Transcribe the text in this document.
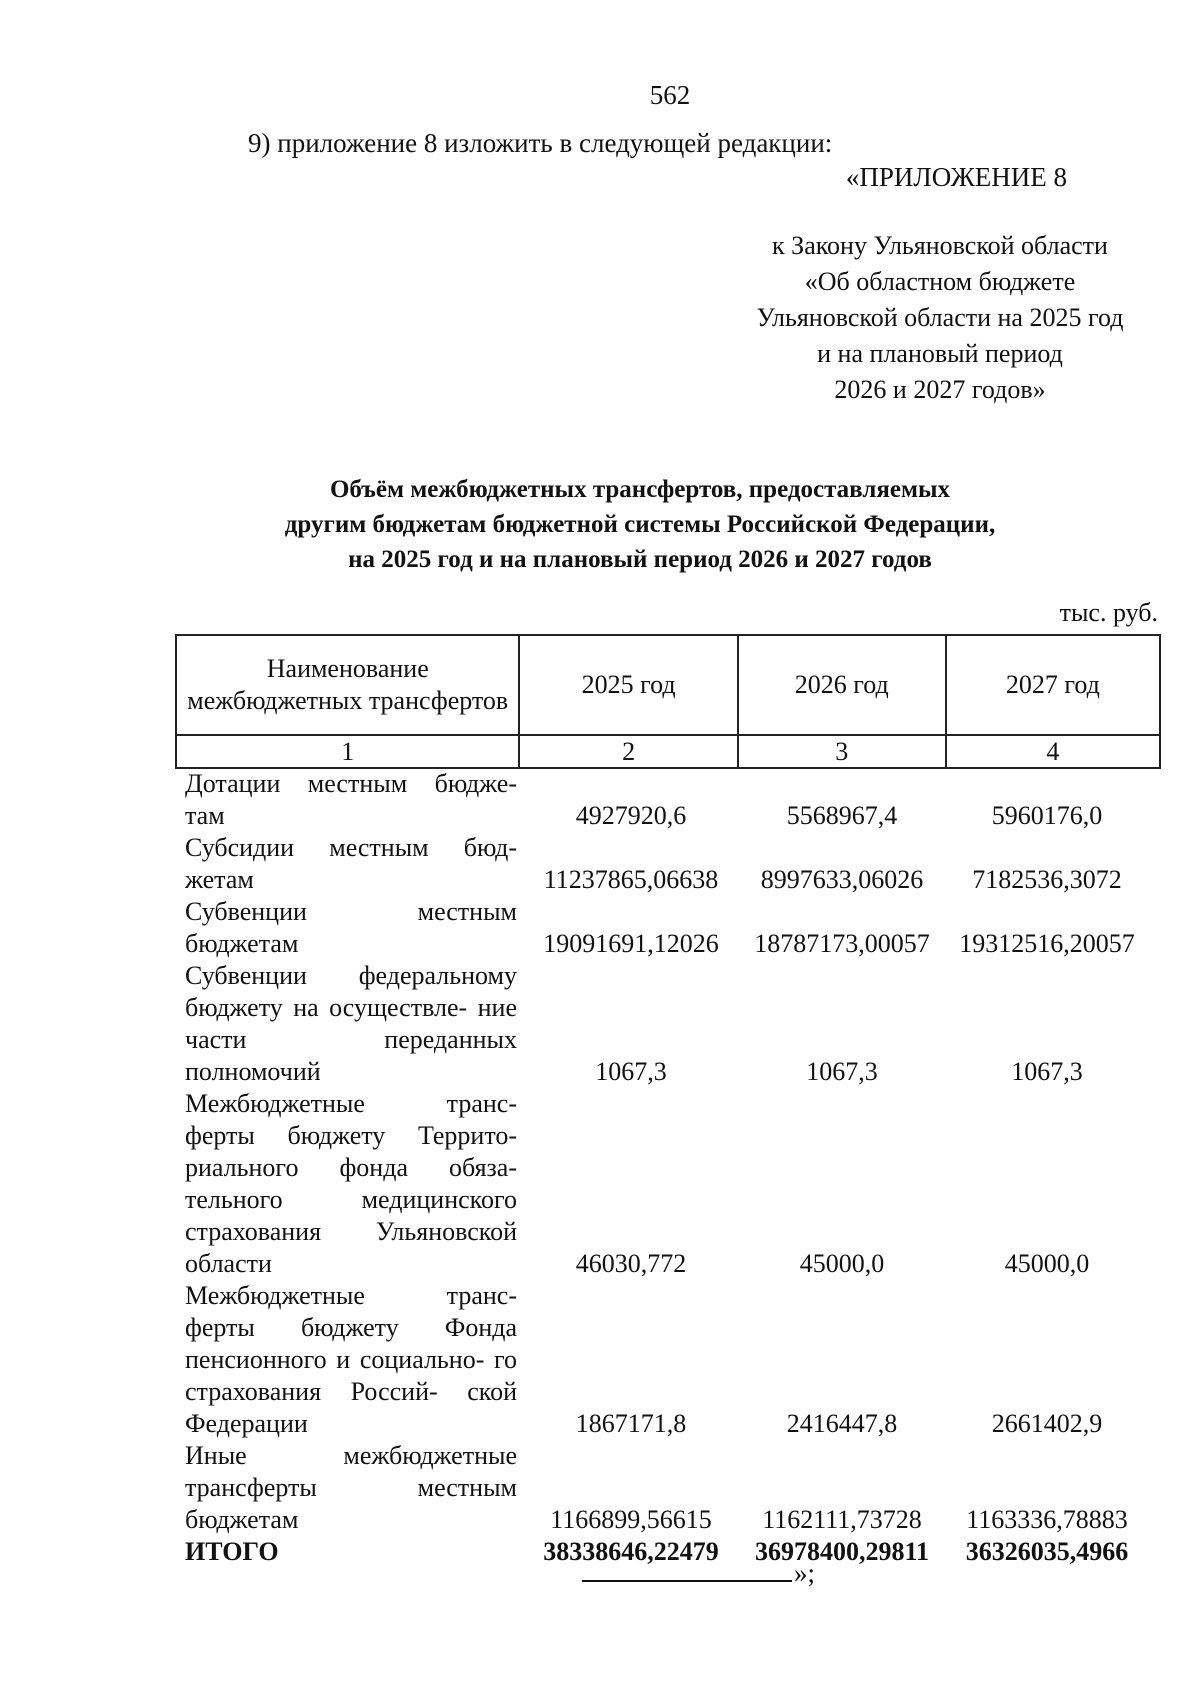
562
9) приложение 8 изложить в следующей редакции:
«ПРИЛОЖЕНИЕ 8
к Закону Ульяновской области
«Об областном бюджете
Ульяновской области на 2025 год
и на плановый период
2026 и 2027 годов»
Объём межбюджетных трансфертов, предоставляемых
другим бюджетам бюджетной системы Российской Федерации,
на 2025 год и на плановый период 2026 и 2027 годов
тыс. руб.
Наименование межбюджетных трансфертов	2025 год	2026 год	2027 год
1	2	3	4
Дотации местным бюдже- там	4927920,6	5568967,4	5960176,0
Субсидии местным бюд- жетам	11237865,06638	8997633,06026	7182536,3072
Субвенции местным бюджетам	19091691,12026	18787173,00057	19312516,20057
Субвенции федеральному бюджету на осуществле- ние части переданных полномочий	1067,3	1067,3	1067,3
Межбюджетные транс- ферты бюджету Террито- риального фонда обяза- тельного медицинского страхования Ульяновской области	46030,772	45000,0	45000,0
Межбюджетные транс- ферты бюджету Фонда пенсионного и социально- го страхования Россий- ской Федерации	1867171,8	2416447,8	2661402,9
Иные межбюджетные трансферты местным бюджетам	1166899,56615	1162111,73728	1163336,78883
ИТОГО	38338646,22479	36978400,29811	36326035,4966
»;
